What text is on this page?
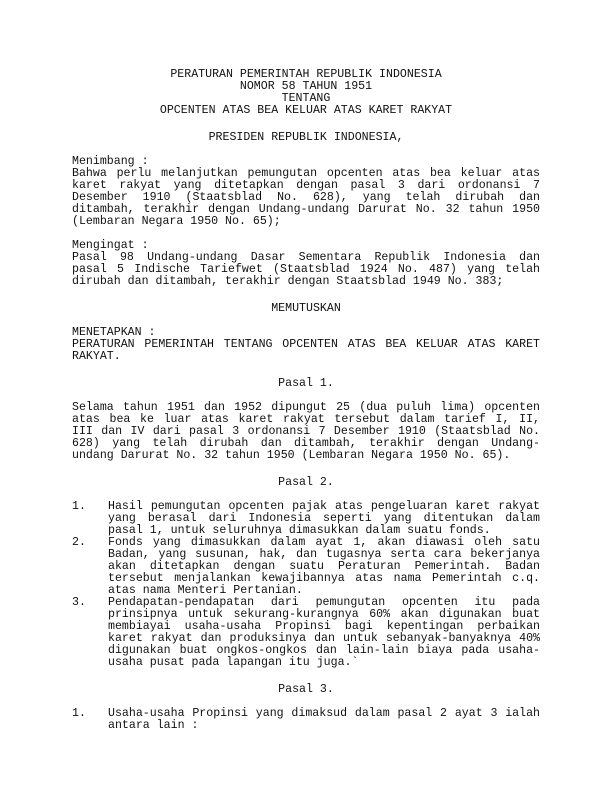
PERATURAN PEMERINTAH REPUBLIK INDONESIA
NOMOR 58 TAHUN 1951
TENTANG
OPCENTEN ATAS BEA KELUAR ATAS KARET RAKYAT
PRESIDEN REPUBLIK INDONESIA,
Menimbang :
Bahwa perlu melanjutkan pemungutan opcenten atas bea keluar atas
karet rakyat yang ditetapkan dengan pasal 3 dari ordonansi 7
Desember 1910 (Staatsblad No. 628), yang telah dirubah dan
ditambah, terakhir dengan Undang-undang Darurat No. 32 tahun 1950
(Lembaran Negara 1950 No. 65);
Mengingat :
Pasal 98 Undang-undang Dasar Sementara Republik Indonesia dan
pasal 5 Indische Tariefwet (Staatsblad 1924 No. 487) yang telah
dirubah dan ditambah, terakhir dengan Staatsblad 1949 No. 383;
MEMUTUSKAN
MENETAPKAN :
PERATURAN PEMERINTAH TENTANG OPCENTEN ATAS BEA KELUAR ATAS KARET
RAKYAT.
Pasal 1.
Selama tahun 1951 dan 1952 dipungut 25 (dua puluh lima) opcenten
atas bea ke luar atas karet rakyat tersebut dalam tarief I, II,
III dan IV dari pasal 3 ordonansi 7 Desember 1910 (Staatsblad No.
628) yang telah dirubah dan ditambah, terakhir dengan Undang-
undang Darurat No. 32 tahun 1950 (Lembaran Negara 1950 No. 65).
Pasal 2.
1.	Hasil pemungutan opcenten pajak atas pengeluaran karet rakyat
yang berasal dari Indonesia seperti yang ditentukan dalam
pasal 1, untuk seluruhnya dimasukkan dalam suatu fonds.
2.	Fonds yang dimasukkan dalam ayat 1, akan diawasi oleh satu
Badan, yang susunan, hak, dan tugasnya serta cara bekerjanya
akan ditetapkan dengan suatu Peraturan Pemerintah. Badan
tersebut menjalankan kewajibannya atas nama Pemerintah c.q.
atas nama Menteri Pertanian.
3.	Pendapatan-pendapatan dari pemungutan opcenten itu pada
prinsipnya untuk sekurang-kurangnya 60% akan digunakan buat
membiayai usaha-usaha Propinsi bagi kepentingan perbaikan
karet rakyat dan produksinya dan untuk sebanyak-banyaknya 40%
digunakan buat ongkos-ongkos dan lain-lain biaya pada usaha-
usaha pusat pada lapangan itu juga.`
Pasal 3.
1.	Usaha-usaha Propinsi yang dimaksud dalam pasal 2 ayat 3 ialah
antara lain :
